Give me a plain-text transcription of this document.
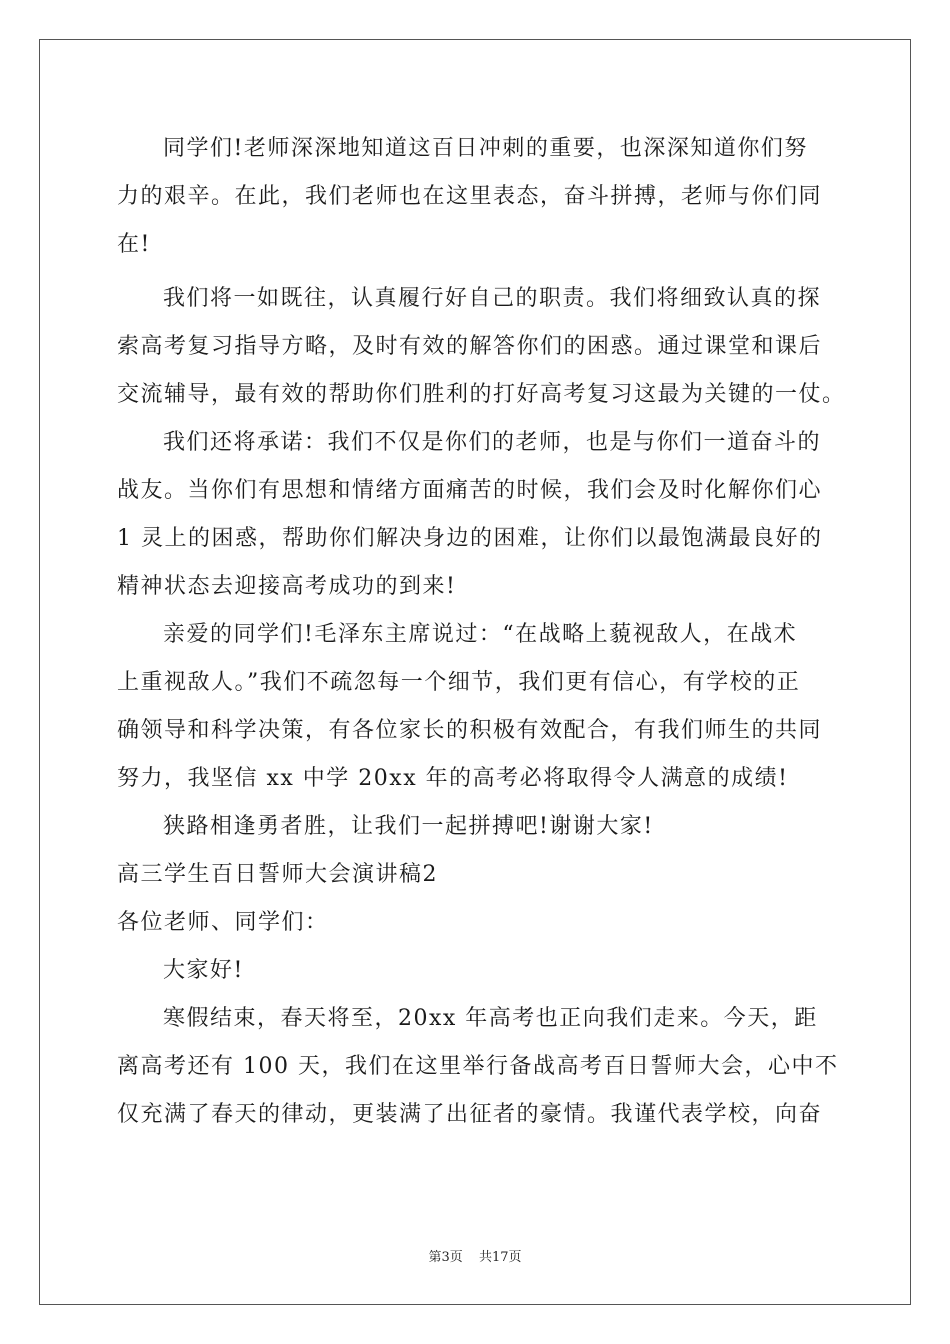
同学们!老师深深地知道这百日冲刺的重要，也深深知道你们努
力的艰辛。在此，我们老师也在这里表态，奋斗拼搏，老师与你们同
在!
我们将一如既往，认真履行好自己的职责。我们将细致认真的探
索高考复习指导方略，及时有效的解答你们的困惑。通过课堂和课后
交流辅导，最有效的帮助你们胜利的打好高考复习这最为关键的一仗。
我们还将承诺：我们不仅是你们的老师，也是与你们一道奋斗的
战友。当你们有思想和情绪方面痛苦的时候，我们会及时化解你们心
1 灵上的困惑，帮助你们解决身边的困难，让你们以最饱满最良好的
精神状态去迎接高考成功的到来!
亲爱的同学们!毛泽东主席说过：“在战略上藐视敌人，在战术
上重视敌人。”我们不疏忽每一个细节，我们更有信心，有学校的正
确领导和科学决策，有各位家长的积极有效配合，有我们师生的共同
努力，我坚信 xx 中学 20xx 年的高考必将取得令人满意的成绩!
狭路相逢勇者胜，让我们一起拼搏吧!谢谢大家!
高三学生百日誓师大会演讲稿2
各位老师、同学们：
大家好!
寒假结束，春天将至，20xx 年高考也正向我们走来。今天，距
离高考还有 100 天，我们在这里举行备战高考百日誓师大会，心中不
仅充满了春天的律动，更装满了出征者的豪情。我谨代表学校，向奋
第3页 共17页
